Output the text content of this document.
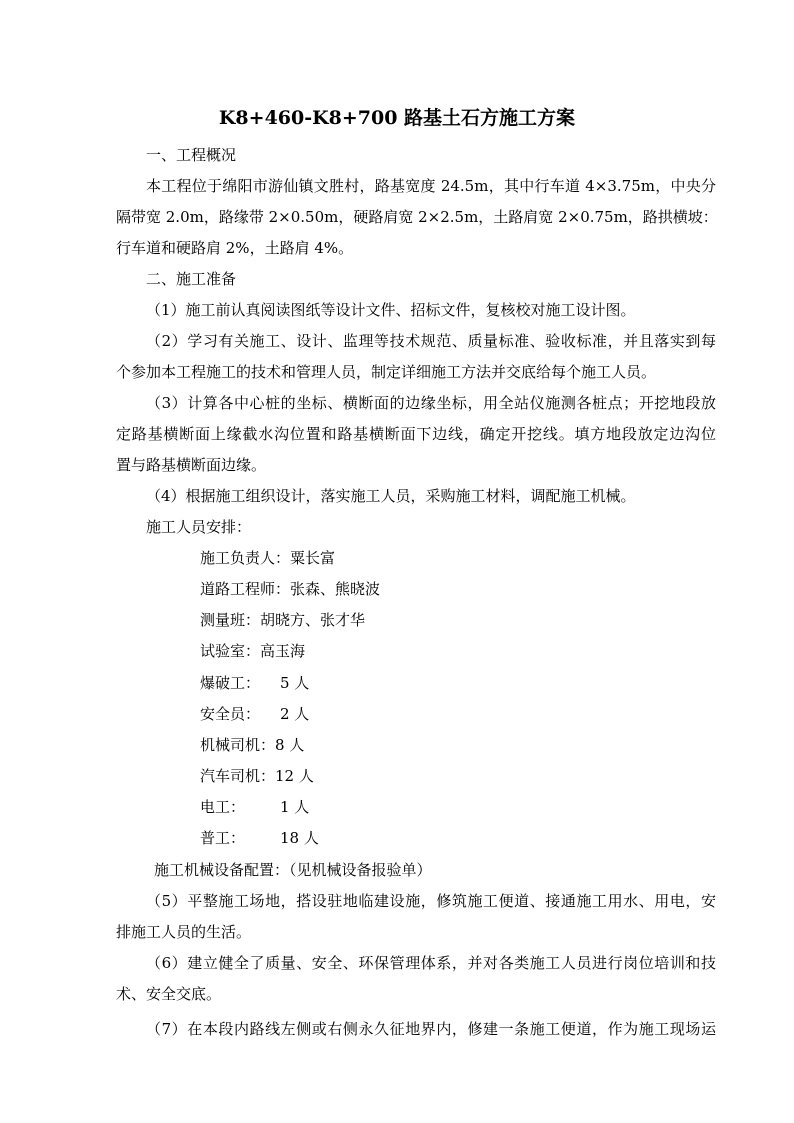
K8+460-K8+700 路基土石方施工方案
一、工程概况
本工程位于绵阳市游仙镇文胜村，路基宽度 24.5m，其中行车道 4×3.75m，中央分
隔带宽 2.0m，路缘带 2×0.50m，硬路肩宽 2×2.5m，土路肩宽 2×0.75m，路拱横坡：
行车道和硬路肩 2%，土路肩 4%。
二、施工准备
（1）施工前认真阅读图纸等设计文件、招标文件，复核校对施工设计图。
（2）学习有关施工、设计、监理等技术规范、质量标准、验收标准，并且落实到每
个参加本工程施工的技术和管理人员，制定详细施工方法并交底给每个施工人员。
（3）计算各中心桩的坐标、横断面的边缘坐标，用全站仪施测各桩点；开挖地段放
定路基横断面上缘截水沟位置和路基横断面下边线，确定开挖线。填方地段放定边沟位
置与路基横断面边缘。
（4）根据施工组织设计，落实施工人员，采购施工材料，调配施工机械。
施工人员安排：
施工负责人：粟长富
道路工程师：张森、熊晓波
测量班：胡晓方、张才华
试验室：高玉海
爆破工： 5 人
安全员： 2 人
机械司机：8 人
汽车司机：12 人
电工： 1 人
普工： 18 人
施工机械设备配置：（见机械设备报验单）
（5）平整施工场地，搭设驻地临建设施，修筑施工便道、接通施工用水、用电，安
排施工人员的生活。
（6）建立健全了质量、安全、环保管理体系，并对各类施工人员进行岗位培训和技
术、安全交底。
（7）在本段内路线左侧或右侧永久征地界内，修建一条施工便道，作为施工现场运
